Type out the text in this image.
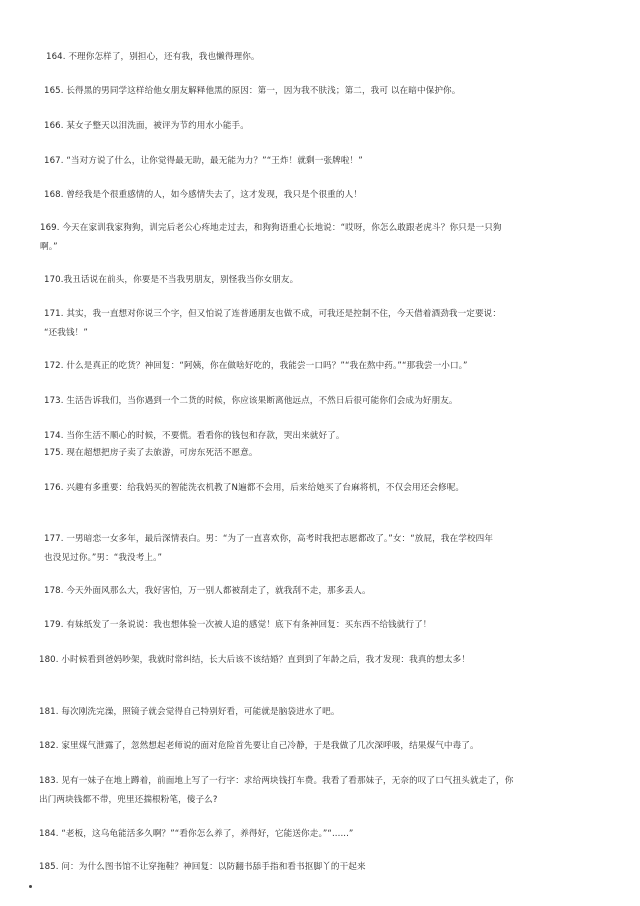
164. 不理你怎样了，别担心，还有我，我也懒得理你。
165. 长得黑的男同学这样给他女朋友解释他黑的原因：第一，因为我不肤浅；第二，我可 以在暗中保护你。
166. 某女子整天以泪洗面，被评为节约用水小能手。
167. “当对方说了什么，让你觉得最无助，最无能为力？”“王炸！就剩一张牌啦！”
168. 曾经我是个很重感情的人，如今感情失去了，这才发现，我只是个很重的人！
169. 今天在家训我家狗狗，训完后老公心疼地走过去，和狗狗语重心长地说：“哎呀，你怎么敢跟老虎斗？你只是一只狗
啊。”
170.我丑话说在前头，你要是不当我男朋友，别怪我当你女朋友。
171. 其实，我一直想对你说三个字，但又怕说了连普通朋友也做不成，可我还是控制不住，今天借着酒劲我一定要说：
“还我钱！”
172. 什么是真正的吃货？神回复：“阿姨，你在做啥好吃的，我能尝一口吗？”“我在熬中药。”“那我尝一小口。”
173. 生活告诉我们，当你遇到一个二货的时候，你应该果断离他远点，不然日后很可能你们会成为好朋友。
174. 当你生活不顺心的时候，不要慌。看看你的钱包和存款，哭出来就好了。
175. 现在超想把房子卖了去旅游，可房东死活不愿意。
176. 兴趣有多重要：给我妈买的智能洗衣机教了N遍都不会用，后来给她买了台麻将机，不仅会用还会修呢。
177. 一男暗恋一女多年，最后深情表白。男：“为了一直喜欢你，高考时我把志愿都改了。”女：“放屁，我在学校四年
也没见过你。”男：“我没考上。”
178. 今天外面风那么大，我好害怕，万一别人都被刮走了，就我刮不走，那多丢人。
179. 有妹纸发了一条说说：我也想体验一次被人追的感觉！底下有条神回复：买东西不给钱就行了！
180. 小时候看到爸妈吵架，我就时常纠结，长大后该不该结婚？直到到了年龄之后，我才发现：我真的想太多！
181. 每次刚洗完澡，照镜子就会觉得自己特别好看，可能就是脑袋进水了吧。
182. 家里煤气泄露了，忽然想起老师说的面对危险首先要让自己冷静，于是我做了几次深呼吸，结果煤气中毒了。
183. 见有一妹子在地上蹲着，前面地上写了一行字：求给两块钱打车费。我看了看那妹子，无奈的叹了口气扭头就走了，你
出门两块钱都不带，兜里还揣根粉笔，傻子么?
184. “老板，这乌龟能活多久啊？”“看你怎么养了，养得好，它能送你走。”“......”
185. 问：为什么图书馆不让穿拖鞋？神回复：以防翻书舔手指和看书抠脚丫的干起来
